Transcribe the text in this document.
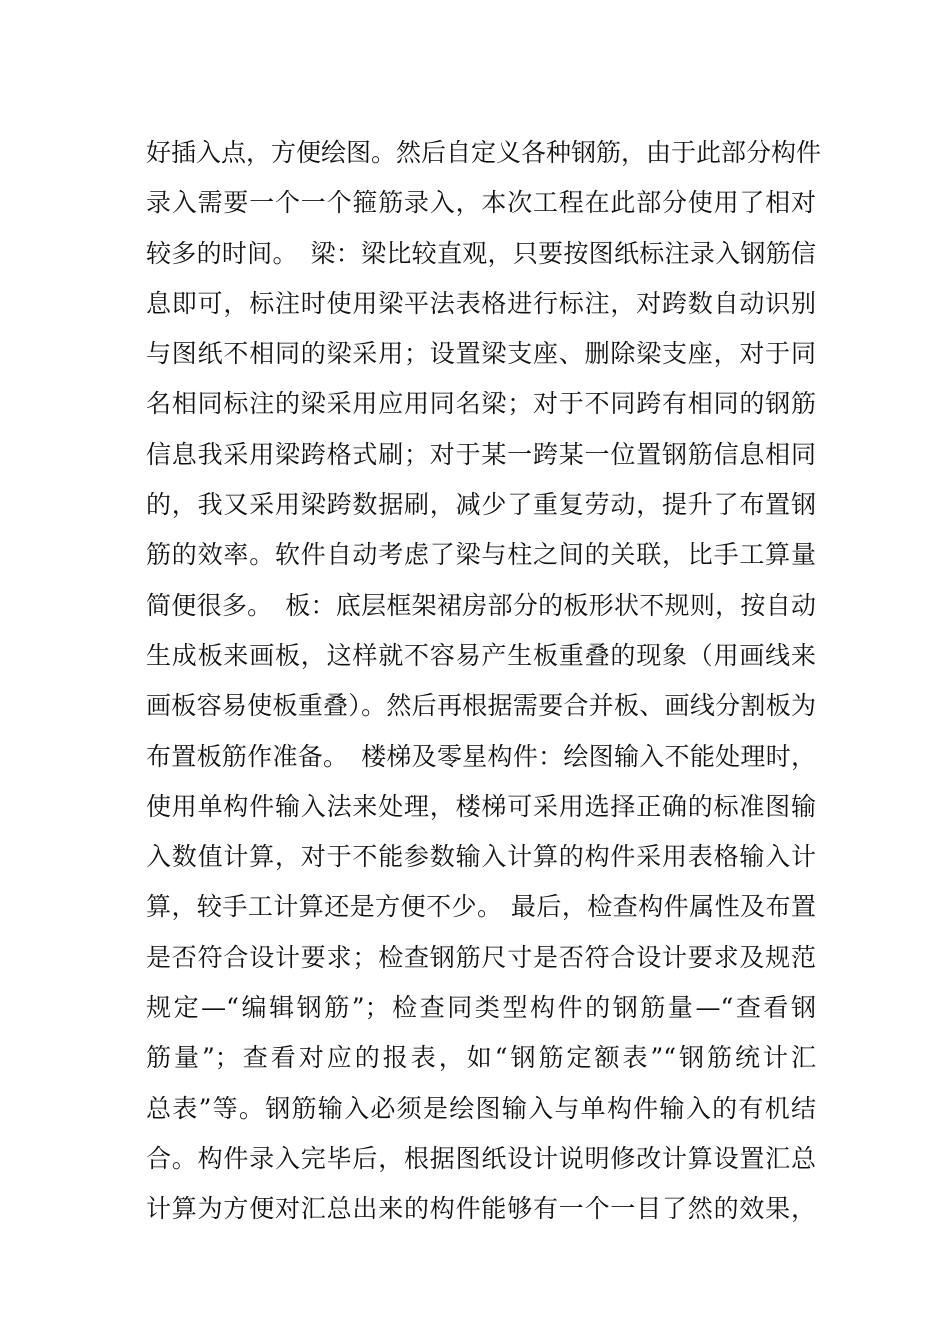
好插入点，方便绘图。然后自定义各种钢筋，由于此部分构件
录入需要一个一个箍筋录入，本次工程在此部分使用了相对
较多的时间。　梁：梁比较直观，只要按图纸标注录入钢筋信
息即可，标注时使用梁平法表格进行标注，对跨数自动识别
与图纸不相同的梁采用；设置梁支座、删除梁支座，对于同
名相同标注的梁采用应用同名梁；对于不同跨有相同的钢筋
信息我采用梁跨格式刷；对于某一跨某一位置钢筋信息相同
的，我又采用梁跨数据刷，减少了重复劳动，提升了布置钢
筋的效率。软件自动考虑了梁与柱之间的关联，比手工算量
简便很多。　板：底层框架裙房部分的板形状不规则，按自动
生成板来画板，这样就不容易产生板重叠的现象（用画线来
画板容易使板重叠）。然后再根据需要合并板、画线分割板为
布置板筋作准备。　楼梯及零星构件：绘图输入不能处理时，
使用单构件输入法来处理，楼梯可采用选择正确的标准图输
入数值计算，对于不能参数输入计算的构件采用表格输入计
算，较手工计算还是方便不少。 最后，检查构件属性及布置
是否符合设计要求；检查钢筋尺寸是否符合设计要求及规范
规定—“编辑钢筋”；检查同类型构件的钢筋量—“查看钢
筋量”；查看对应的报表，如“钢筋定额表”“钢筋统计汇
总表”等。钢筋输入必须是绘图输入与单构件输入的有机结
合。构件录入完毕后，根据图纸设计说明修改计算设置汇总
计算为方便对汇总出来的构件能够有一个一目了然的效果，
